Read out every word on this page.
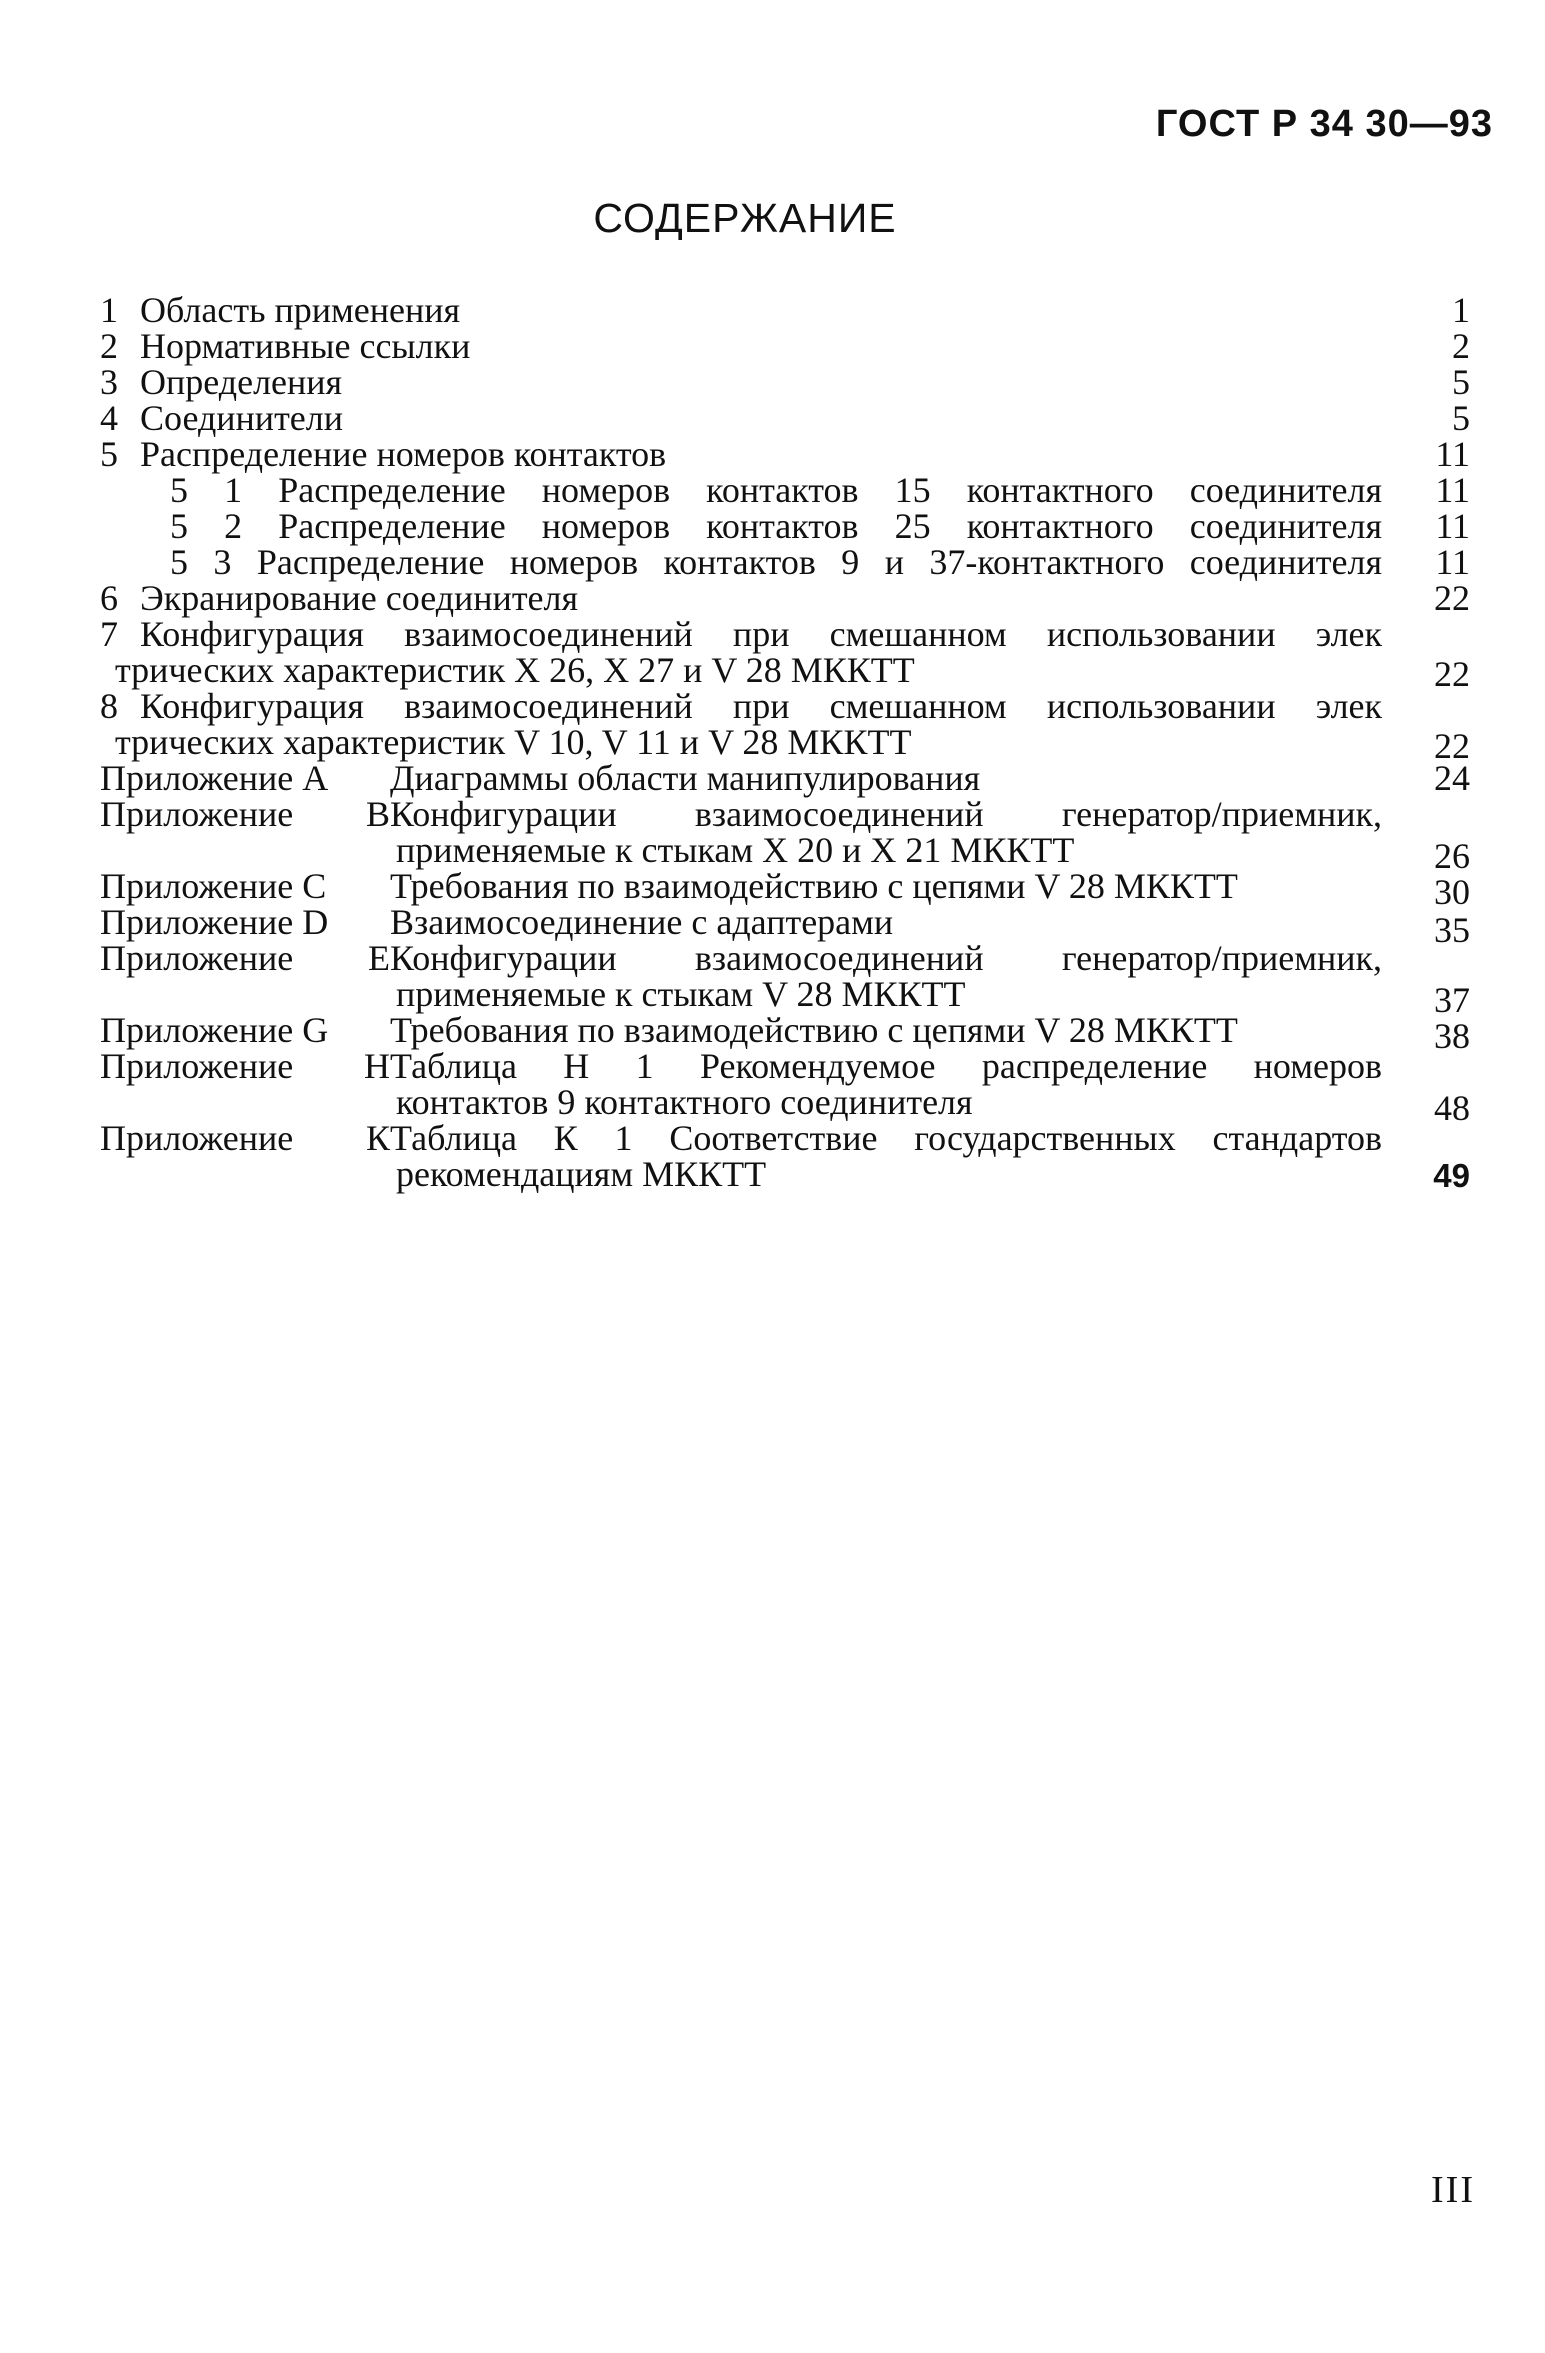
ГОСТ Р 34 30—93
СОДЕРЖАНИЕ
1 Область применения	1
2 Нормативные ссылки	2
3 Определения	5
4 Соединители	5
5 Распределение номеров контактов	11
5 1 Распределение номеров контактов 15 контактного соединителя	11
5 2 Распределение номеров контактов 25 контактного соединителя	11
5 3 Распределение номеров контактов 9 и 37-контактного соединителя	11
6 Экранирование соединителя	22
7 Конфигурация взаимосоединений при смешанном использовании элек
трических характеристик Х 26, Х 27 и V 28 МККТТ	22
8 Конфигурация взаимосоединений при смешанном использовании элек
трических характеристик V 10, V 11 и V 28 МККТТ	22
Приложение А Диаграммы области манипулирования	24
Приложение ВКонфигурации взаимосоединений генератор/приемник,
применяемые к стыкам Х 20 и Х 21 МККТТ	26
Приложение С Требования по взаимодействию с цепями V 28 МККТТ	30
Приложение D Взаимосоединение с адаптерами	35
Приложение ЕКонфигурации взаимосоединений генератор/приемник,
применяемые к стыкам V 28 МККТТ	37
Приложение G Требования по взаимодействию с цепями V 28 МККТТ	38
Приложение НТаблица Н 1 Рекомендуемое распределение номеров
контактов 9 контактного соединителя	48
Приложение КТаблица К 1 Соответствие государственных стандартов
рекомендациям МККТТ	49
III
